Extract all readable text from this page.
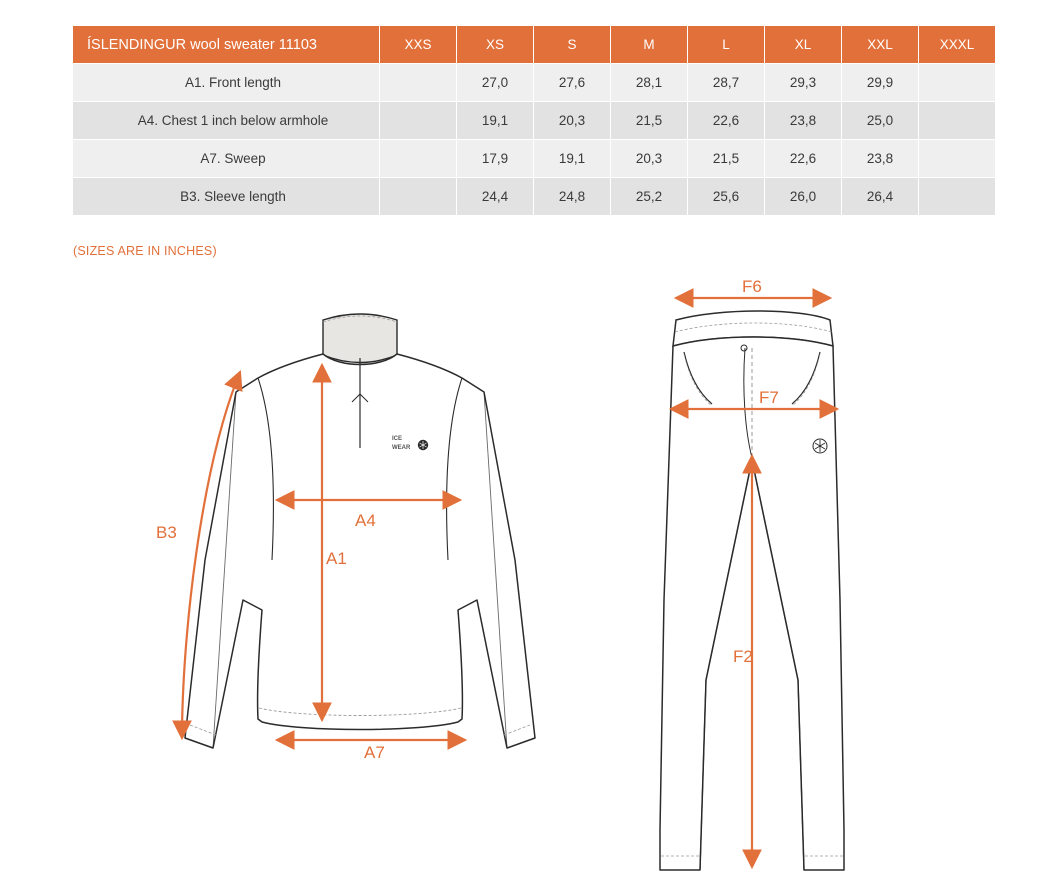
ÍSLENDINGUR wool sweater 11103	XXS	XS	S	M	L	XL	XXL	XXXL
A1. Front length		27,0	27,6	28,1	28,7	29,3	29,9	
A4. Chest 1 inch below armhole		19,1	20,3	21,5	22,6	23,8	25,0	
A7. Sweep		17,9	19,1	20,3	21,5	22,6	23,8	
B3. Sleeve length		24,4	24,8	25,2	25,6	26,0	26,4	
(SIZES ARE IN INCHES)
ICE
WEAR
B3
A4
A1
A7
F6
F7
F2
